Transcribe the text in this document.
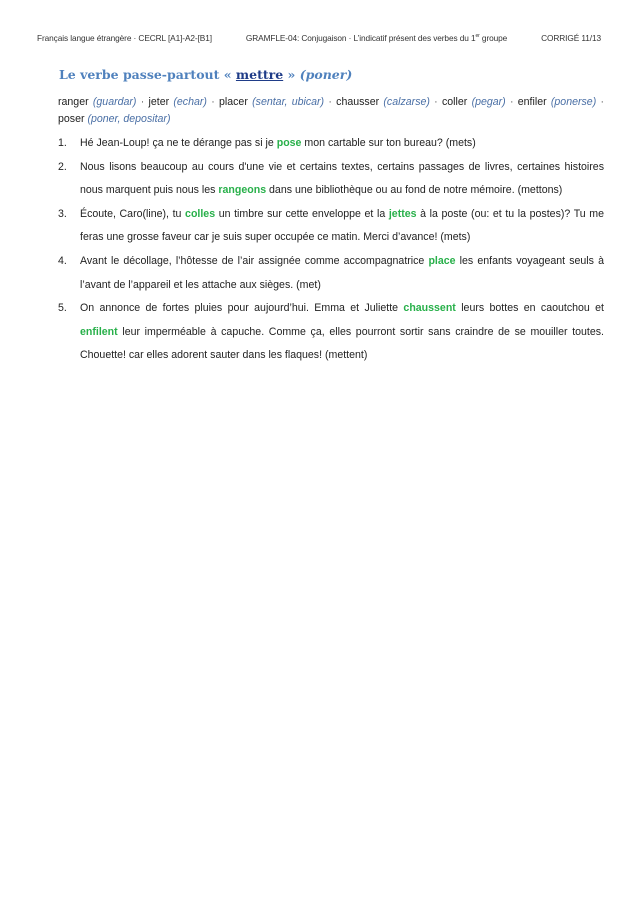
Français langue étrangère · CECRL [A1]-A2-[B1]	GRAMFLE-04: Conjugaison · L’indicatif présent des verbes du 1er groupe	CORRIGÉ 11/13
Le verbe passe-partout « mettre » (poner)
ranger (guardar) · jeter (echar) · placer (sentar, ubicar) · chausser (calzarse) · coller (pegar) · enfiler (ponerse) · poser (poner, depositar)
1. Hé Jean-Loup! ça ne te dérange pas si je pose mon cartable sur ton bureau? (mets)
2. Nous lisons beaucoup au cours d'une vie et certains textes, certains passages de livres, certaines histoires nous marquent puis nous les rangeons dans une bibliothèque ou au fond de notre mémoire. (mettons)
3. Écoute, Caro(line), tu colles un timbre sur cette enveloppe et la jettes à la poste (ou: et tu la postes)? Tu me feras une grosse faveur car je suis super occupée ce matin. Merci d’avance! (mets)
4. Avant le décollage, l’hôtesse de l’air assignée comme accompagnatrice place les enfants voyageant seuls à l’avant de l’appareil et les attache aux sièges. (met)
5. On annonce de fortes pluies pour aujourd’hui. Emma et Juliette chaussent leurs bottes en caoutchou et enfilent leur imperméable à capuche. Comme ça, elles pourront sortir sans craindre de se mouiller toutes. Chouette! car elles adorent sauter dans les flaques! (mettent)
